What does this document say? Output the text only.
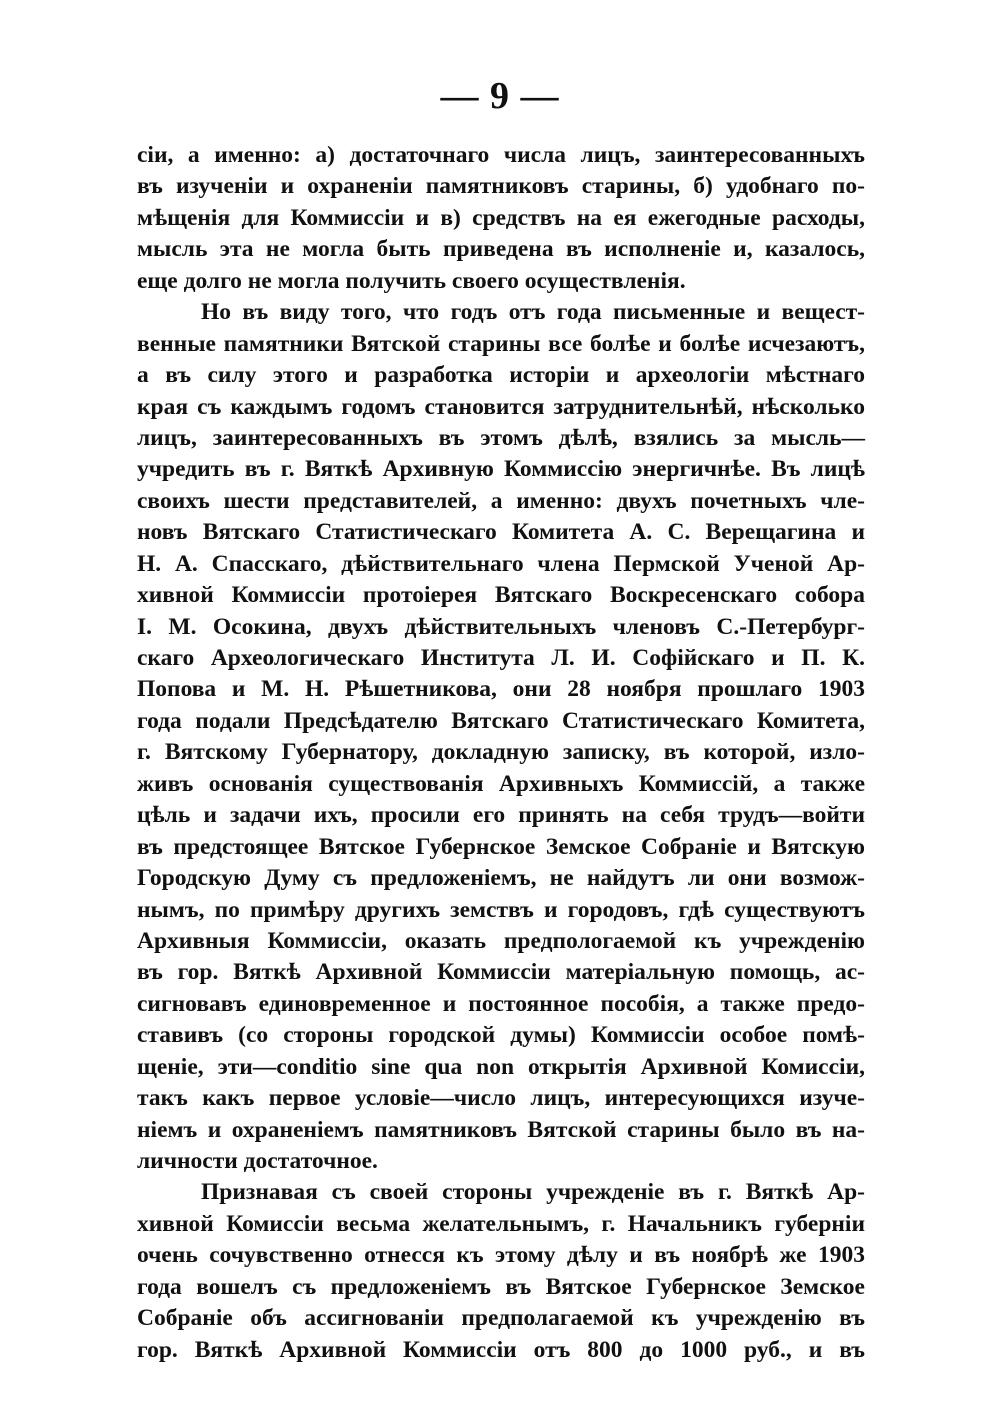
— 9 —
сіи, а именно: а) достаточнаго числа лицъ, заинтересованныхъ
въ изученіи и охраненіи памятниковъ старины, б) удобнаго по-
мѣщенія для Коммиссіи и в) средствъ на ея ежегодные расходы,
мысль эта не могла быть приведена въ исполненіе и, казалось,
еще долго не могла получить своего осуществленія.
Но въ виду того, что годъ отъ года письменные и вещест-
венные памятники Вятской старины все болѣе и болѣе исчезаютъ,
а въ силу этого и разработка исторіи и археологіи мѣстнаго
края съ каждымъ годомъ становится затруднительнѣй, нѣсколько
лицъ, заинтересованныхъ въ этомъ дѣлѣ, взялись за мысль—
учредить въ г. Вяткѣ Архивную Коммиссію энергичнѣе. Въ лицѣ
своихъ шести представителей, а именно: двухъ почетныхъ чле-
новъ Вятскаго Статистическаго Комитета А. С. Верещагина и
Н. А. Спасскаго, дѣйствительнаго члена Пермской Ученой Ар-
хивной Коммиссіи протоіерея Вятскаго Воскресенскаго собора
І. М. Осокина, двухъ дѣйствительныхъ членовъ С.-Петербург-
скаго Археологическаго Института Л. И. Софійскаго и П. К.
Попова и М. Н. Рѣшетникова, они 28 ноября прошлаго 1903
года подали Предсѣдателю Вятскаго Статистическаго Комитета,
г. Вятскому Губернатору, докладную записку, въ которой, изло-
живъ основанія существованія Архивныхъ Коммиссій, а также
цѣль и задачи ихъ, просили его принять на себя трудъ—войти
въ предстоящее Вятское Губернское Земское Собраніе и Вятскую
Городскую Думу съ предложеніемъ, не найдутъ ли они возмож-
нымъ, по примѣру другихъ земствъ и городовъ, гдѣ существуютъ
Архивныя Коммиссіи, оказать предпологаемой къ учрежденію
въ гор. Вяткѣ Архивной Коммиссіи матеріальную помощь, ас-
сигновавъ единовременное и постоянное пособія, а также предо-
ставивъ (со стороны городской думы) Коммиссіи особое помѣ-
щеніе, эти—conditio sine qua non открытія Архивной Комиссіи,
такъ какъ первое условіе—число лицъ, интересующихся изуче-
ніемъ и охраненіемъ памятниковъ Вятской старины было въ на-
личности достаточное.
Признавая съ своей стороны учрежденіе въ г. Вяткѣ Ар-
хивной Комиссіи весьма желательнымъ, г. Начальникъ губерніи
очень сочувственно отнесся къ этому дѣлу и въ ноябрѣ же 1903
года вошелъ съ предложеніемъ въ Вятское Губернское Земское
Собраніе объ ассигнованіи предполагаемой къ учрежденію въ
гор. Вяткѣ Архивной Коммиссіи отъ 800 до 1000 руб., и въ
